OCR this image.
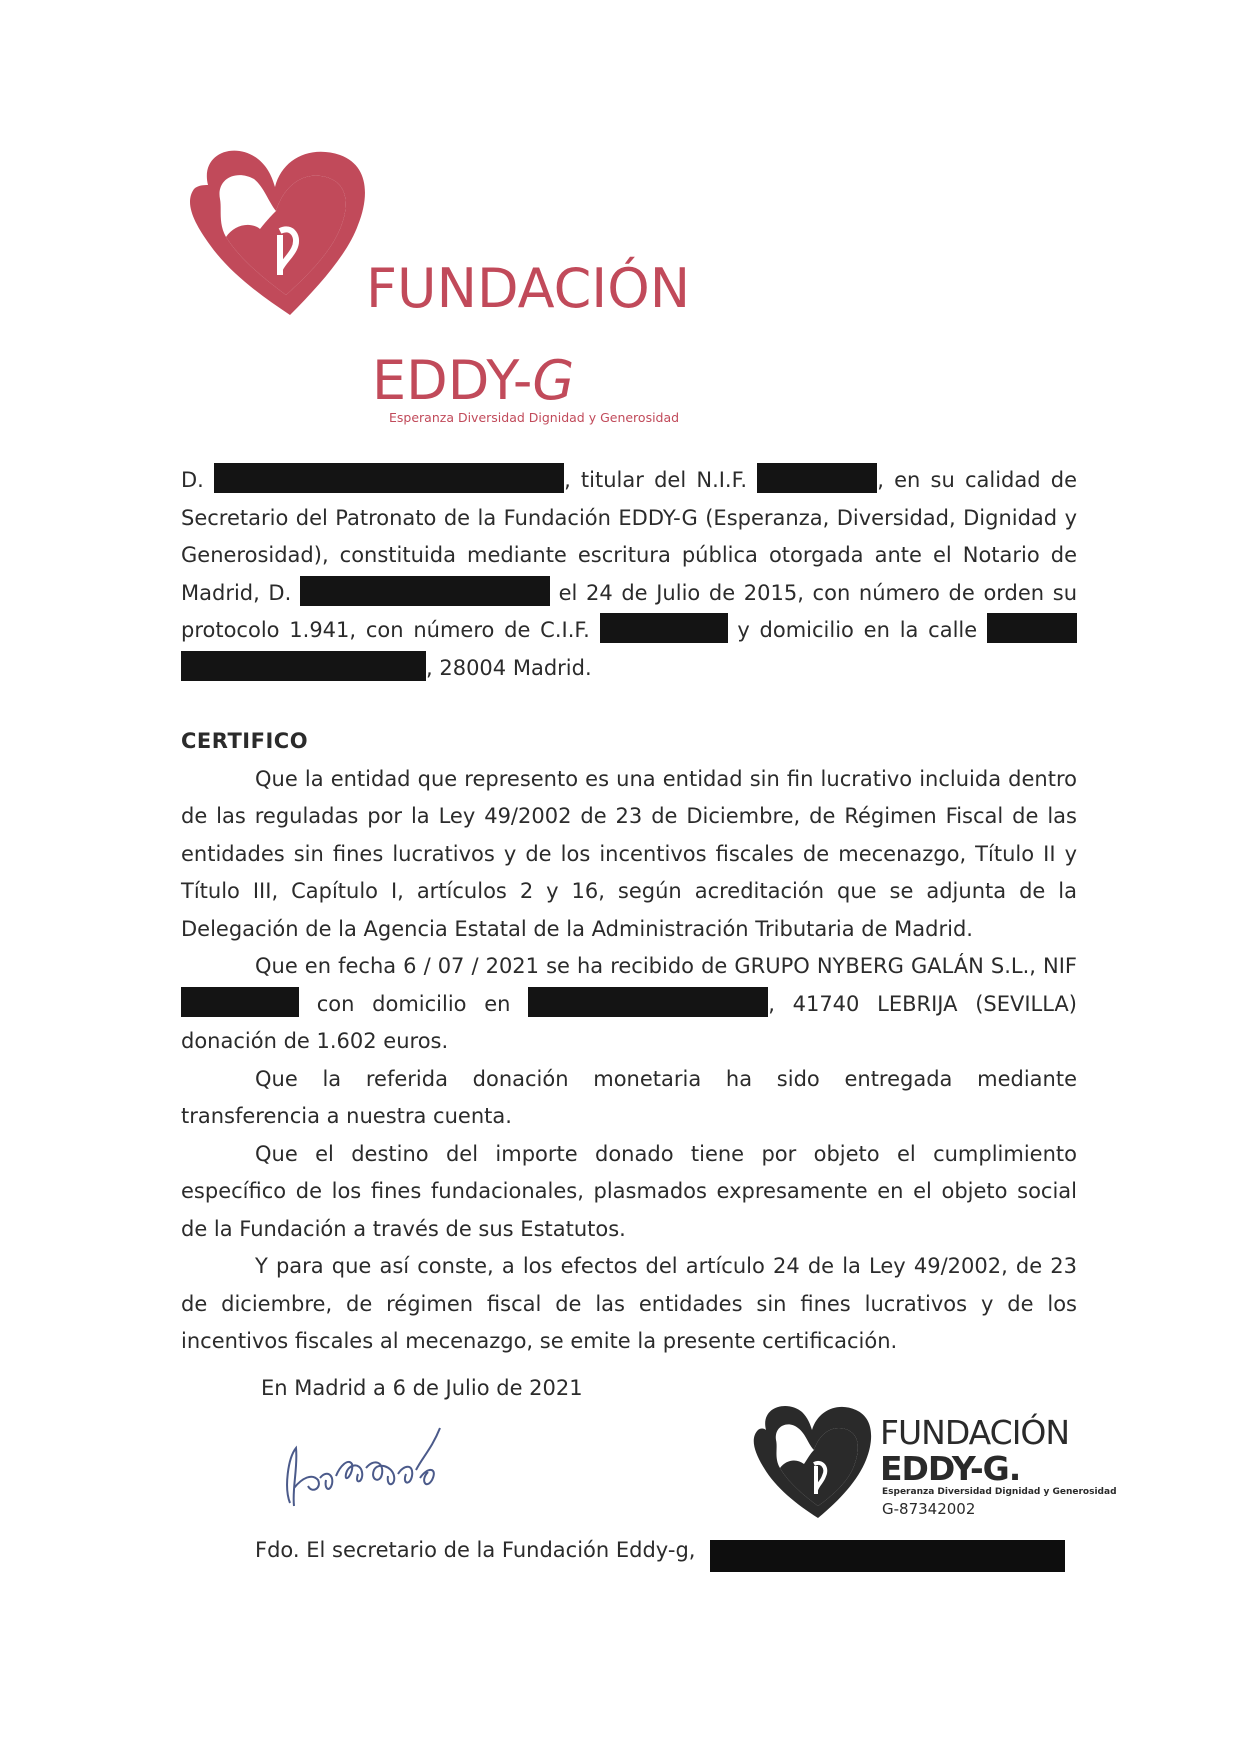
FUNDACIÓN
EDDY-G
Esperanza Diversidad Dignidad y Generosidad

D.	, titular del N.I.F.	, en su calidad de Secretario del Patronato de la Fundación EDDY-G (Esperanza, Diversidad, Dignidad y Generosidad), constituida mediante escritura pública otorgada ante el Notario de Madrid, D.	el 24 de Julio de 2015, con número de orden su protocolo 1.941, con número de C.I.F.	y domicilio en la calle  , 28004 Madrid.

CERTIFICO

Que la entidad que represento es una entidad sin fin lucrativo incluida dentro de las reguladas por la Ley 49/2002 de 23 de Diciembre, de Régimen Fiscal de las entidades sin fines lucrativos y de los incentivos fiscales de mecenazgo, Título II y Título III, Capítulo I, artículos 2 y 16, según acreditación que se adjunta de la Delegación de la Agencia Estatal de la Administración Tributaria de Madrid.

Que en fecha 6 / 07 / 2021 se ha recibido de GRUPO NYBERG GALÁN S.L., NIF  con domicilio en	, 41740 LEBRIJA (SEVILLA) donación de 1.602 euros.

Que la referida donación monetaria ha sido entregada mediante transferencia a nuestra cuenta.

Que el destino del importe donado tiene por objeto el cumplimiento específico de los fines fundacionales, plasmados expresamente en el objeto social de la Fundación a través de sus Estatutos.

Y para que así conste, a los efectos del artículo 24 de la Ley 49/2002, de 23 de diciembre, de régimen fiscal de las entidades sin fines lucrativos y de los incentivos fiscales al mecenazgo, se emite la presente certificación.

En Madrid a 6 de Julio de 2021
FUNDACIÓN
EDDY-G.
Esperanza Diversidad Dignidad y Generosidad
G-87342002
Fdo. El secretario de la Fundación Eddy-g,
